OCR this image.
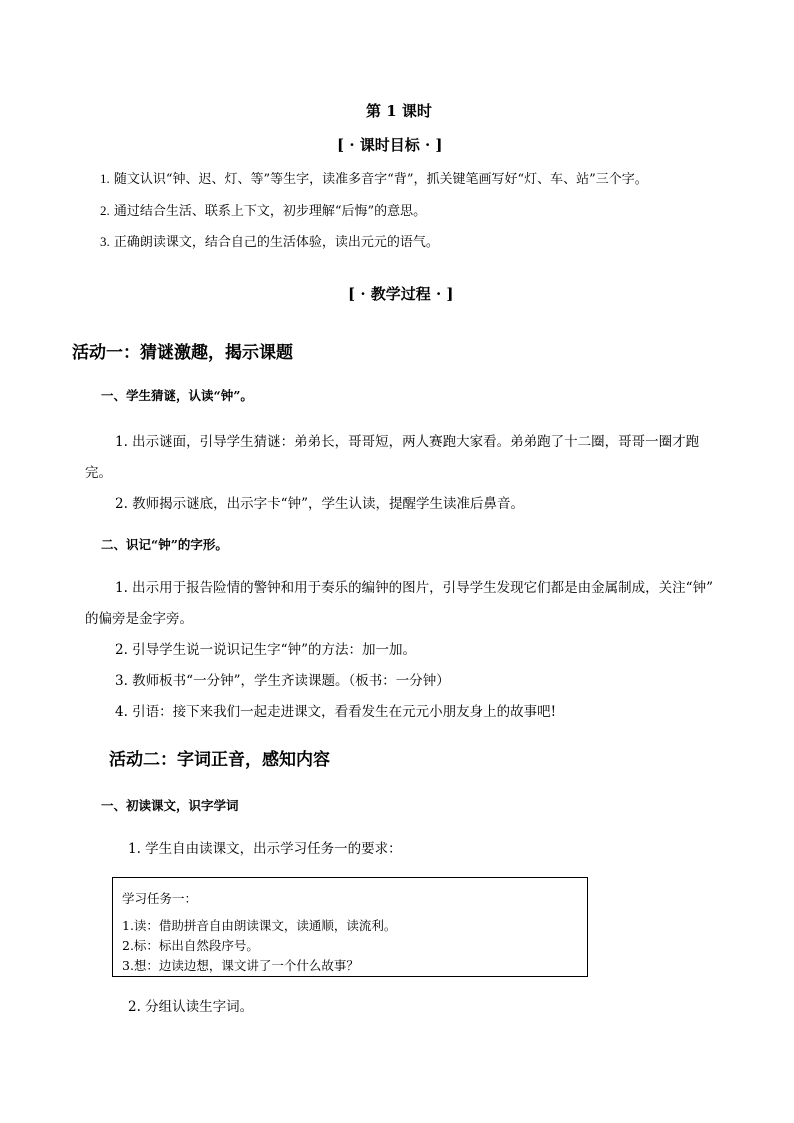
第 1 课时
[ · 课时目标 · ]
1. 随文认识“钟、迟、灯、等”等生字，读准多音字“背”，抓关键笔画写好“灯、车、站”三个字。
2. 通过结合生活、联系上下文，初步理解“后悔”的意思。
3. 正确朗读课文，结合自己的生活体验，读出元元的语气。
[ · 教学过程 · ]
活动一：猜谜激趣，揭示课题
一、学生猜谜，认读“钟”。
1. 出示谜面，引导学生猜谜：弟弟长，哥哥短，两人赛跑大家看。弟弟跑了十二圈，哥哥一圈才跑
完。
2. 教师揭示谜底，出示字卡“钟”，学生认读，提醒学生读准后鼻音。
二、识记“钟”的字形。
1. 出示用于报告险情的警钟和用于奏乐的编钟的图片，引导学生发现它们都是由金属制成，关注“钟”
的偏旁是金字旁。
2. 引导学生说一说识记生字“钟”的方法：加一加。
3. 教师板书“一分钟”，学生齐读课题。（板书：一分钟）
4. 引语：接下来我们一起走进课文，看看发生在元元小朋友身上的故事吧!
活动二：字词正音，感知内容
一、初读课文，识字学词
1. 学生自由读课文，出示学习任务一的要求：
学习任务一：
1.读：借助拼音自由朗读课文，读通顺，读流利。
2.标：标出自然段序号。
3.想：边读边想，课文讲了一个什么故事？
2. 分组认读生字词。
